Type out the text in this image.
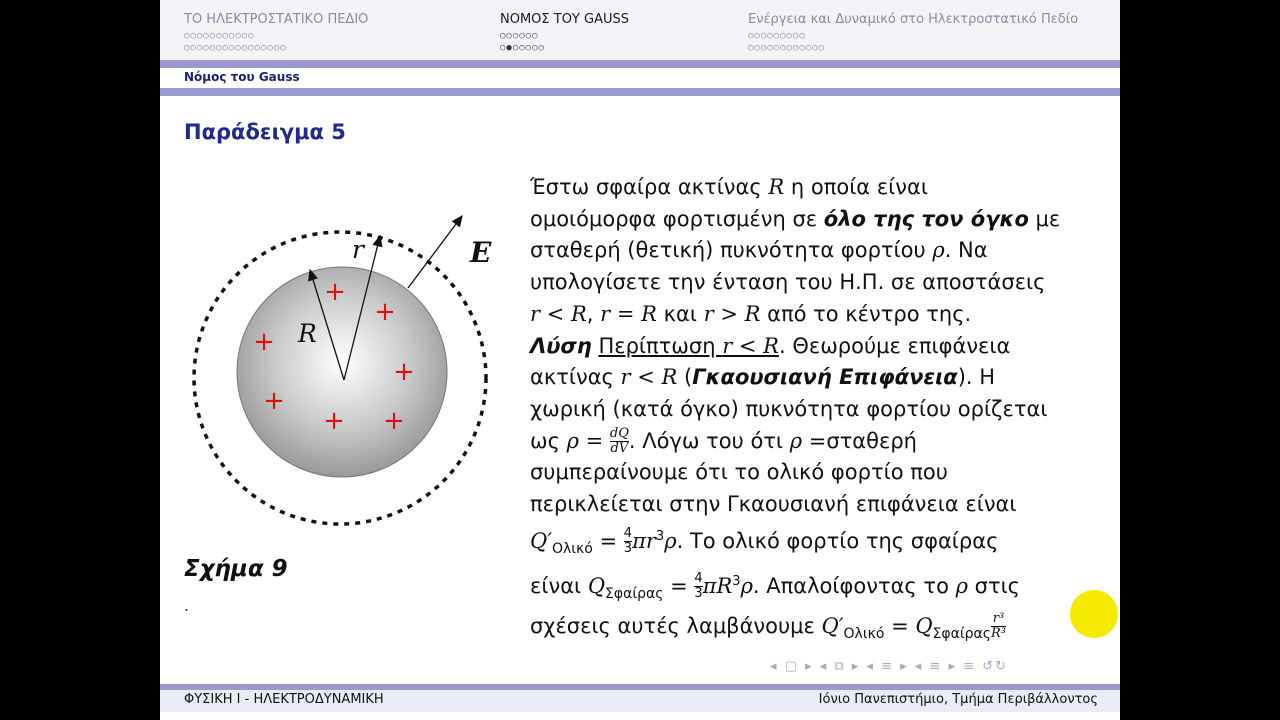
ΤΟ ΗΛΕΚΤΡΟΣΤΑΤΙΚΟ ΠΕΔΙΟ
○○○○○○○○○○○
○○○○○○○○○○○○○○○○
ΝΟΜΟΣ ΤΟΥ GAUSS
○○○○○○
○●○○○○○
Ενέργεια και Δυναμικό στο Ηλεκτροστατικό Πεδίο
○○○○○○○○○
○○○○○○○○○○○○
Νόμος του Gauss
Παράδειγμα 5
r
R
E
+
+
+
+
+
+ +
Σχήμα 9
.

Έστω σφαίρα ακτίνας R η οποία είναι

ομοιόμορφα φορτισμένη σε όλο της τον όγκο με

σταθερή (θετική) πυκνότητα φορτίου ρ. Να

υπολογίσετε την ένταση του Η.Π. σε αποστάσεις

r < R, r = R και r > R από το κέντρο της.

Λύση Περίπτωση r < R. Θεωρούμε επιφάνεια

ακτίνας r < R (Γκαουσιανή Επιφάνεια). Η

χωρική (κατά όγκο) πυκνότητα φορτίου ορίζεται

ως $\rho = \frac{dQ}{dV}$ . Λόγω του ότι ρ =σταθερή

συμπεραίνουμε ότι το ολικό φορτίο που

περικλείεται στην Γκαουσιανή επιφάνεια είναι

$Q'_{O\lambda\iota\kappa ό} = \frac{4}{3} \pi r^3\rho$. Το ολικό φορτίο της σφαίρας

είναι $Q_{\Sigma\varphi\alpha ί\rho\alpha\varsigma} = \frac{4}{3} \pi R^3\rho$. Απαλοίφοντας το ρ στις

σχέσεις αυτές λαμβάνουμε $Q'_{O\lambda\iota\kappa ό} = Q_{\Sigma\varphi\alpha ί\rho\alpha\varsigma} \frac{\text{r³}}{\text{R³}}$

◂ ▢ ▸ ◂ ⧉ ▸ ◂ ≡ ▸ ◂ ≡ ▸ ≡ ↺↻
ΦΥΣΙΚΗ Ι - ΗΛΕΚΤΡΟΔΥΝΑΜΙΚΗ	Ιόνιο Πανεπιστήμιο, Τμήμα Περιβάλλοντος
